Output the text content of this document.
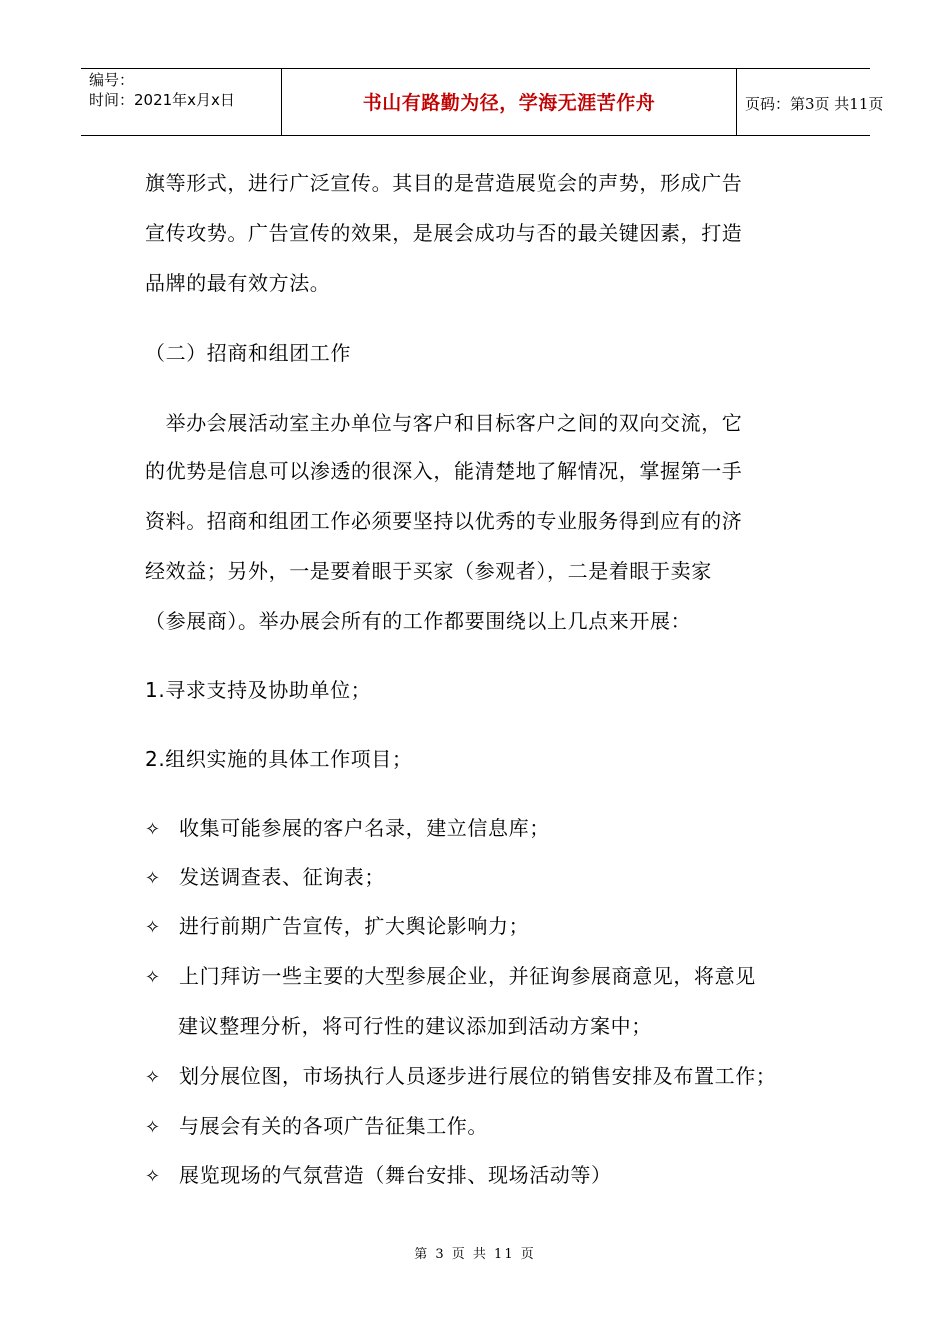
编号：
时间：2021年x月x日	书山有路勤为径，学海无涯苦作舟	页码：第3页 共11页
旗等形式，进行广泛宣传。其目的是营造展览会的声势，形成广告
宣传攻势。广告宣传的效果，是展会成功与否的最关键因素，打造
品牌的最有效方法。
（二）招商和组团工作
　举办会展活动室主办单位与客户和目标客户之间的双向交流，它
的优势是信息可以渗透的很深入，能清楚地了解情况，掌握第一手
资料。招商和组团工作必须要坚持以优秀的专业服务得到应有的济
经效益；另外，一是要着眼于买家（参观者），二是着眼于卖家
（参展商）。举办展会所有的工作都要围绕以上几点来开展：
1.寻求支持及协助单位；
2.组织实施的具体工作项目；
✧ 收集可能参展的客户名录，建立信息库；
✧ 发送调查表、征询表；
✧ 进行前期广告宣传，扩大舆论影响力；
✧ 上门拜访一些主要的大型参展企业，并征询参展商意见，将意见
建议整理分析，将可行性的建议添加到活动方案中；
✧ 划分展位图，市场执行人员逐步进行展位的销售安排及布置工作；
✧ 与展会有关的各项广告征集工作。
✧ 展览现场的气氛营造（舞台安排、现场活动等）
第 3 页 共 11 页
